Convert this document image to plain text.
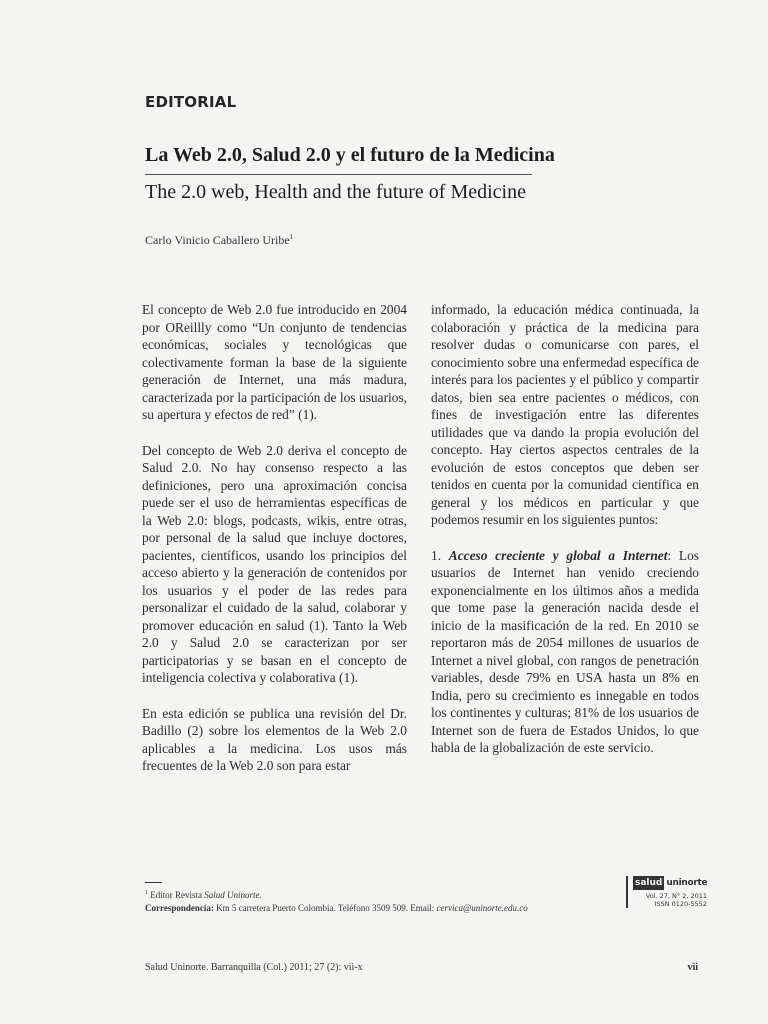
EDITORIAL
La Web 2.0, Salud 2.0 y el futuro de la Medicina
The 2.0 web, Health and the future of Medicine
Carlo Vinicio Caballero Uribe$^1$

El concepto de Web 2.0 fue introducido en 2004 por OReillly como “Un conjunto de tendencias económicas, sociales y tecnológicas que colectivamente forman la base de la siguiente generación de Internet, una más madura, caracterizada por la participación de los usuarios, su apertura y efectos de red” (1).

Del concepto de Web 2.0 deriva el concepto de Salud 2.0. No hay consenso respecto a las definiciones, pero una aproximación concisa puede ser el uso de herramientas específicas de la Web 2.0: blogs, podcasts, wikis, entre otras, por personal de la salud que incluye doctores, pacientes, científicos, usando los principios del acceso abierto y la generación de contenidos por los usuarios y el poder de las redes para personalizar el cuidado de la salud, colaborar y promover educación en salud (1). Tanto la Web 2.0 y Salud 2.0 se caracterizan por ser participatorias y se basan en el concepto de inteligencia colectiva y colaborativa (1).

En esta edición se publica una revisión del Dr. Badillo (2) sobre los elementos de la Web 2.0 aplicables a la medicina. Los usos más frecuentes de la Web 2.0 son para estar

informado, la educación médica continuada, la colaboración y práctica de la medicina para resolver dudas o comunicarse con pares, el conocimiento sobre una enfermedad específica de interés para los pacientes y el público y compartir datos, bien sea entre pacientes o médicos, con fines de investigación entre las diferentes utilidades que va dando la propia evolución del concepto. Hay ciertos aspectos centrales de la evolución de estos conceptos que deben ser tenidos en cuenta por la comunidad científica en general y los médicos en particular y que podemos resumir en los siguientes puntos:

1. Acceso creciente y global a Internet: Los usuarios de Internet han venido creciendo exponencialmente en los últimos años a medida que tome pase la generación nacida desde el inicio de la masificación de la red. En 2010 se reportaron más de 2054 millones de usuarios de Internet a nivel global, con rangos de penetración variables, desde 79% en USA hasta un 8% en India, pero su crecimiento es innegable en todos los continentes y culturas; 81% de los usuarios de Internet son de fuera de Estados Unidos, lo que habla de la globalización de este servicio.

$^1$ Editor Revista Salud Uninorte.
Correspondencia: Km 5 carretera Puerto Colombia. Teléfono 3509 509. Email: cervica@uninorte.edu.co
salud uninorte
Vol. 27, N° 2, 2011
ISSN 0120-5552
Salud Uninorte. Barranquilla (Col.) 2011; 27 (2): vii-x	vii
